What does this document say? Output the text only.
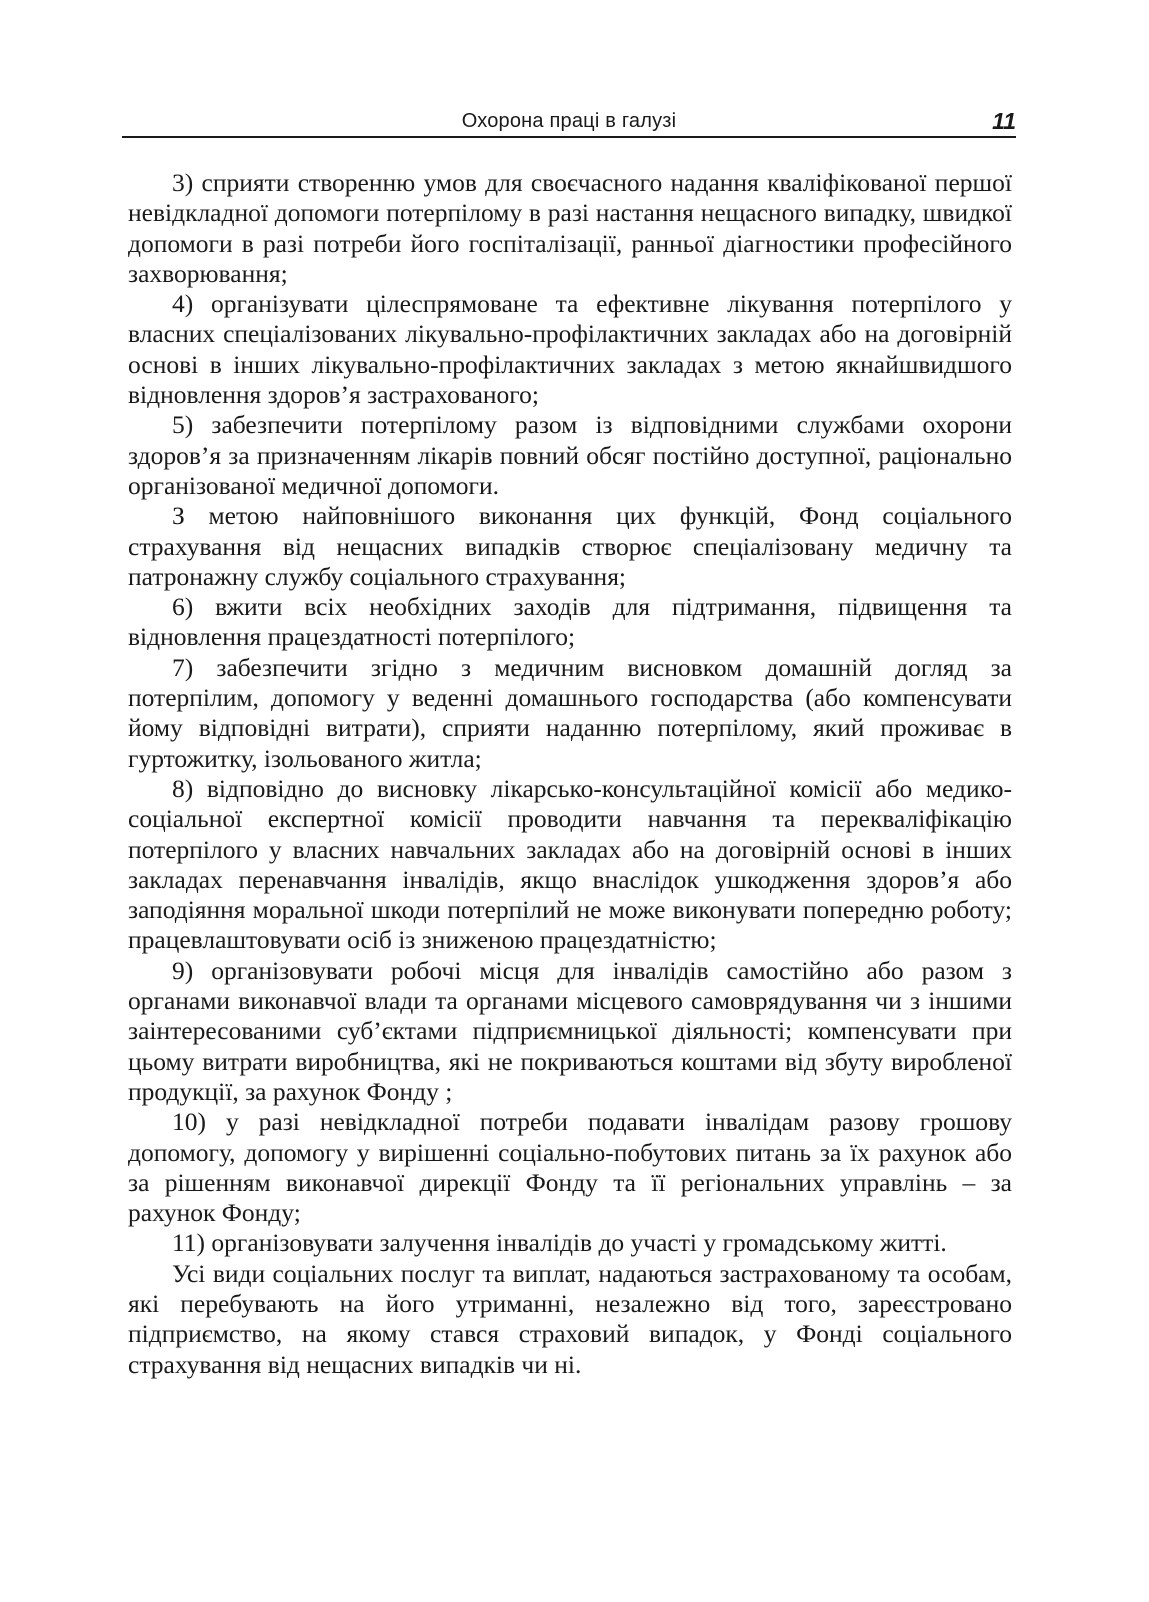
Охорона праці в галузі	11

3) сприяти створенню умов для своєчасного надання кваліфікованої першої невідкладної допомоги потерпілому в разі настання нещасного випадку, швидкої допомоги в разі потреби його госпіталізації, ранньої діагностики професійного захворювання;

4) організувати цілеспрямоване та ефективне лікування потерпілого у власних спеціалізованих лікувально-профілактичних закладах або на договірній основі в інших лікувально-профілактичних закладах з метою якнайшвидшого відновлення здоров’я застрахованого;

5) забезпечити потерпілому разом із відповідними службами охорони здоров’я за призначенням лікарів повний обсяг постійно доступної, раціонально організованої медичної допомоги.

З метою найповнішого виконання цих функцій, Фонд соціального страхування від нещасних випадків створює спеціалізовану медичну та патронажну службу соціального страхування;

6) вжити всіх необхідних заходів для підтримання, підвищення та відновлення працездатності потерпілого;

7) забезпечити згідно з медичним висновком домашній догляд за потерпілим, допомогу у веденні домашнього господарства (або компенсувати йому відповідні витрати), сприяти наданню потерпілому, який проживає в гуртожитку, ізольованого житла;

8) відповідно до висновку лікарсько-консультаційної комісії або медико-соціальної експертної комісії проводити навчання та перекваліфікацію потерпілого у власних навчальних закладах або на договірній основі в інших закладах перенавчання інвалідів, якщо внаслідок ушкодження здоров’я або заподіяння моральної шкоди потерпілий не може виконувати попередню роботу; працевлаштовувати осіб із знижeною працездатністю;

9) організовувати робочі місця для інвалідів самостійно або разом з органами виконавчої влади та органами місцевого самоврядування чи з іншими заінтересованими суб’єктами підприємницької діяльності; компенсувати при цьому витрати виробництва, які не покриваються коштами від збуту виробленої продукції, за рахунок Фонду ;

10) у разі невідкладної потреби подавати інвалідам разову грошову допомогу, допомогу у вирішенні соціально-побутових питань за їх рахунок або за рішенням виконавчої дирекції Фонду та її регіональних управлінь – за рахунок Фонду;

11) організовувати залучення інвалідів до участі у громадському житті.

Усі види соціальних послуг та виплат, надаються застрахованому та особам, які перебувають на його утриманні, незалежно від того, зареєстровано підприємство, на якому стався страховий випадок, у Фонді соціального страхування від нещасних випадків чи ні.
